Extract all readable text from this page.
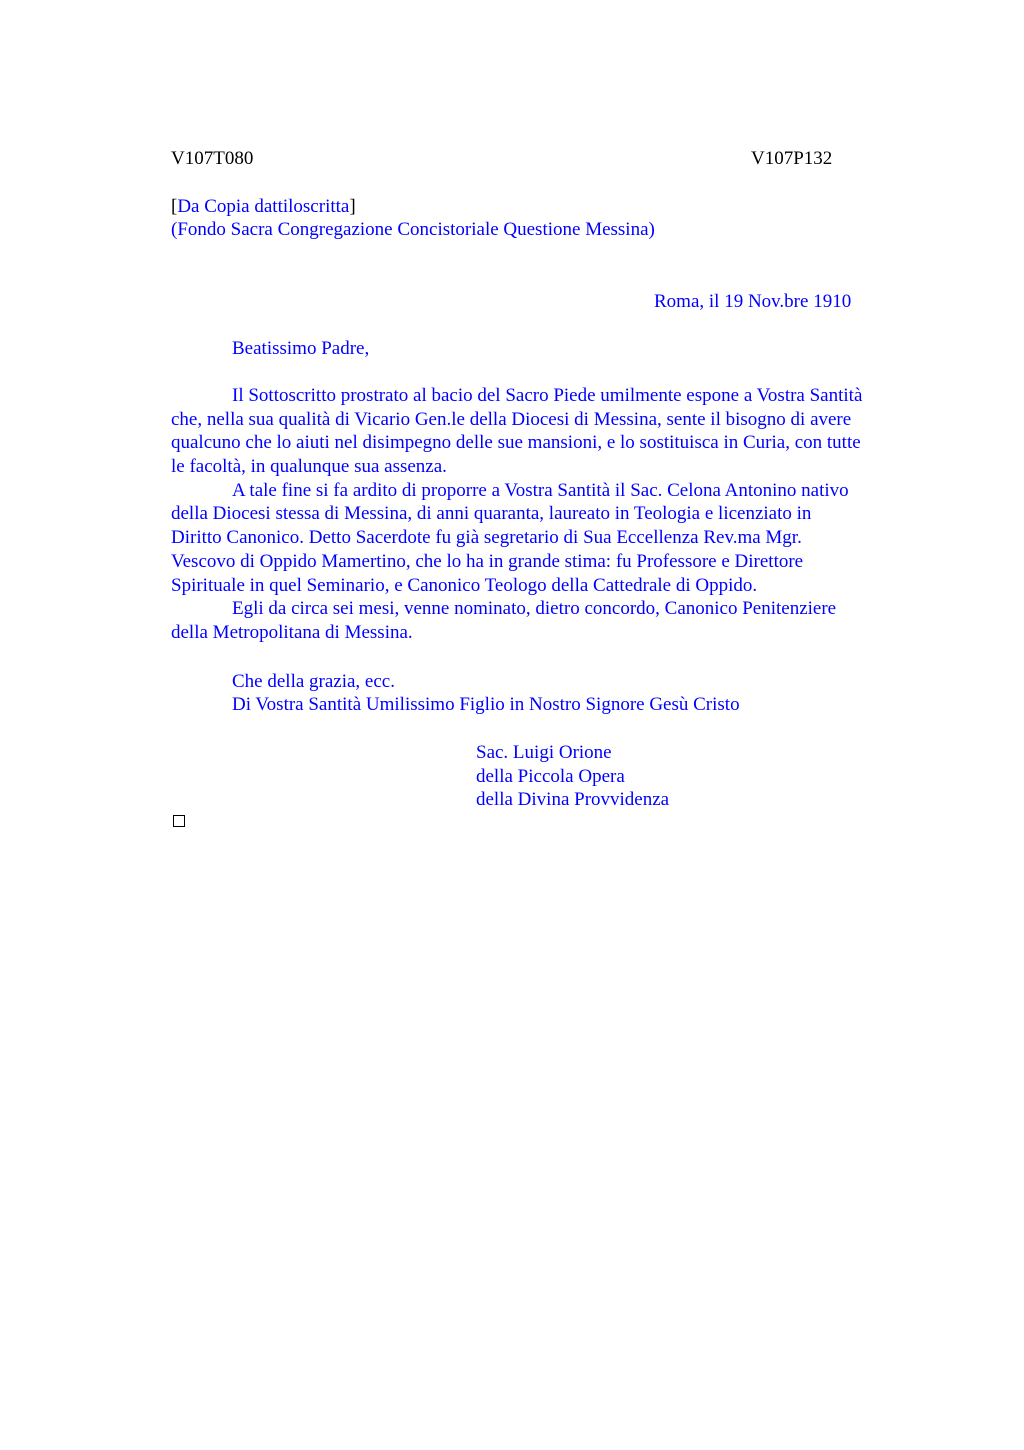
V107T080	V107P132
[Da Copia dattiloscritta]
(Fondo Sacra Congregazione Concistoriale Questione Messina)
Roma, il 19 Nov.bre 1910
Beatissimo Padre,
Il Sottoscritto prostrato al bacio del Sacro Piede umilmente espone a Vostra Santità
che, nella sua qualità di Vicario Gen.le della Diocesi di Messina, sente il bisogno di avere
qualcuno che lo aiuti nel disimpegno delle sue mansioni, e lo sostituisca in Curia, con tutte
le facoltà, in qualunque sua assenza.
A tale fine si fa ardito di proporre a Vostra Santità il Sac. Celona Antonino nativo
della Diocesi stessa di Messina, di anni quaranta, laureato in Teologia e licenziato in
Diritto Canonico. Detto Sacerdote fu già segretario di Sua Eccellenza Rev.ma Mgr.
Vescovo di Oppido Mamertino, che lo ha in grande stima: fu Professore e Direttore
Spirituale in quel Seminario, e Canonico Teologo della Cattedrale di Oppido.
Egli da circa sei mesi, venne nominato, dietro concordo, Canonico Penitenziere
della Metropolitana di Messina.
Che della grazia, ecc.
Di Vostra Santità Umilissimo Figlio in Nostro Signore Gesù Cristo
Sac. Luigi Orione
della Piccola Opera
della Divina Provvidenza
